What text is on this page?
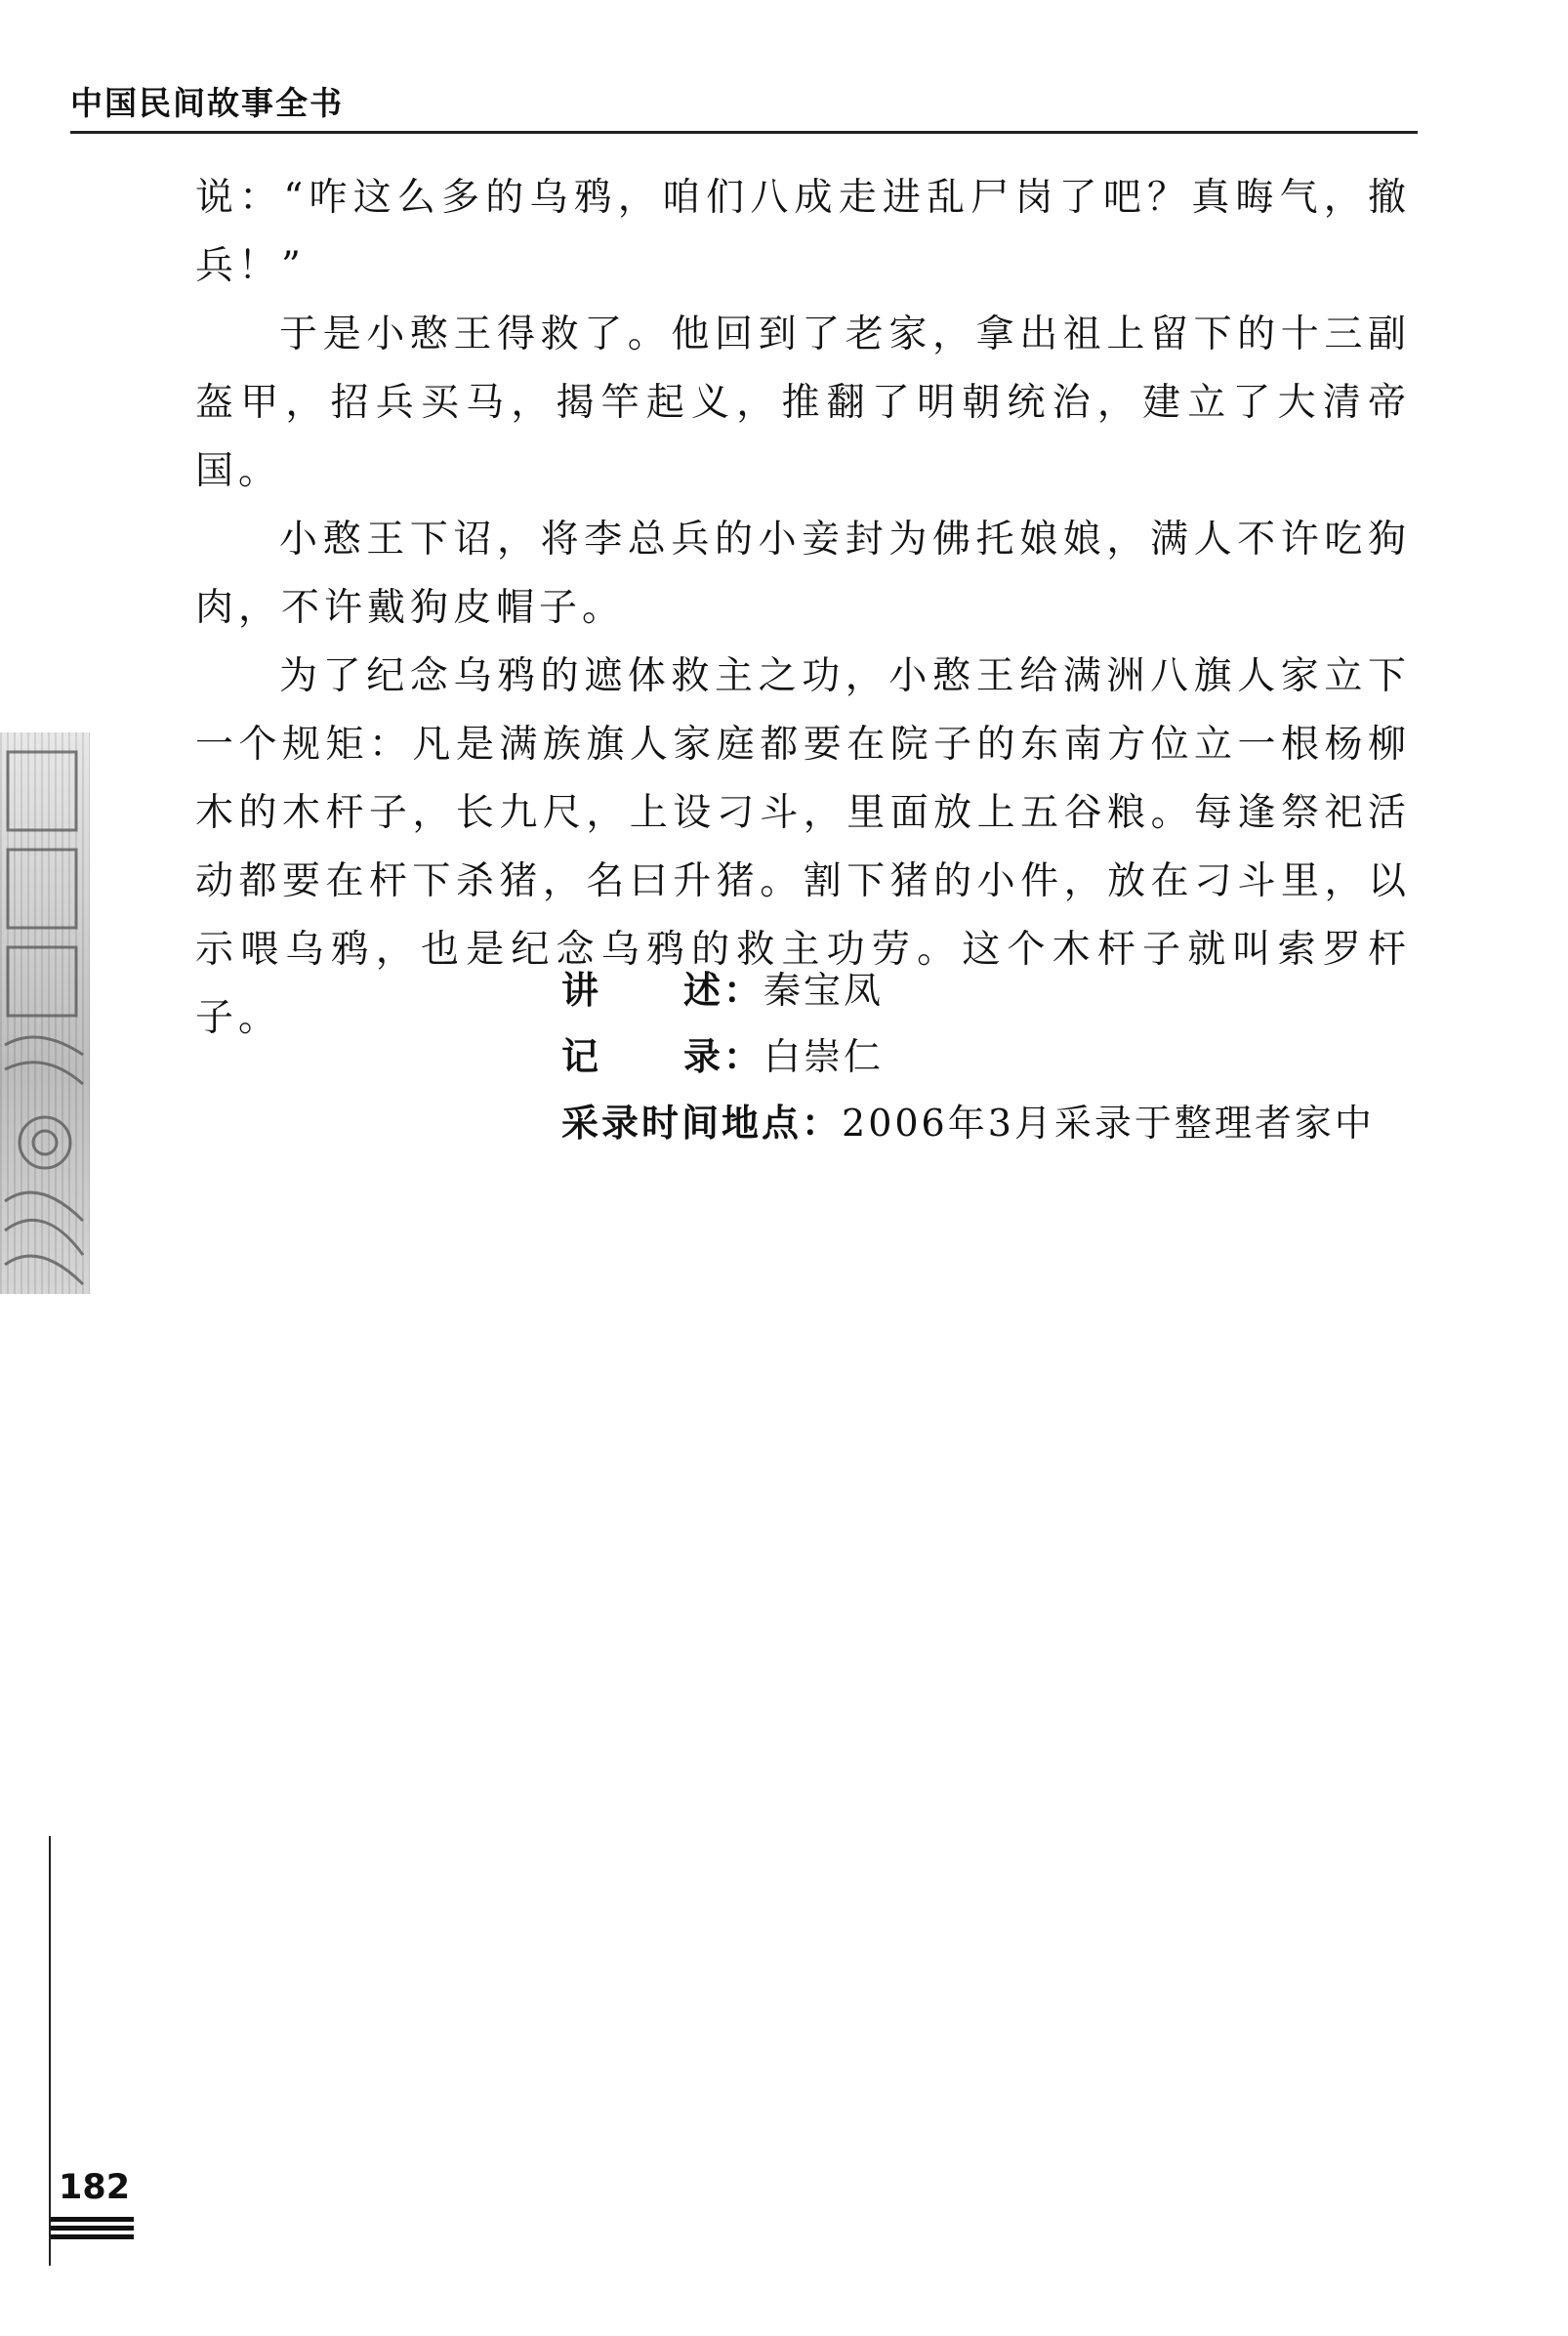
中国民间故事全书

说：“咋这么多的乌鸦，咱们八成走进乱尸岗了吧？真晦气，撤兵！”

于是小憨王得救了。他回到了老家，拿出祖上留下的十三副盔甲，招兵买马，揭竿起义，推翻了明朝统治，建立了大清帝国。

小憨王下诏，将李总兵的小妾封为佛托娘娘，满人不许吃狗肉，不许戴狗皮帽子。

为了纪念乌鸦的遮体救主之功，小憨王给满洲八旗人家立下一个规矩：凡是满族旗人家庭都要在院子的东南方位立一根杨柳木的木杆子，长九尺，上设刁斗，里面放上五谷粮。每逢祭祀活动都要在杆下杀猪，名曰升猪。割下猪的小件，放在刁斗里，以示喂乌鸦，也是纪念乌鸦的救主功劳。这个木杆子就叫索罗杆子。

讲 述：秦宝凤
记 录：白崇仁
采录时间地点：2006年3月采录于整理者家中
182
